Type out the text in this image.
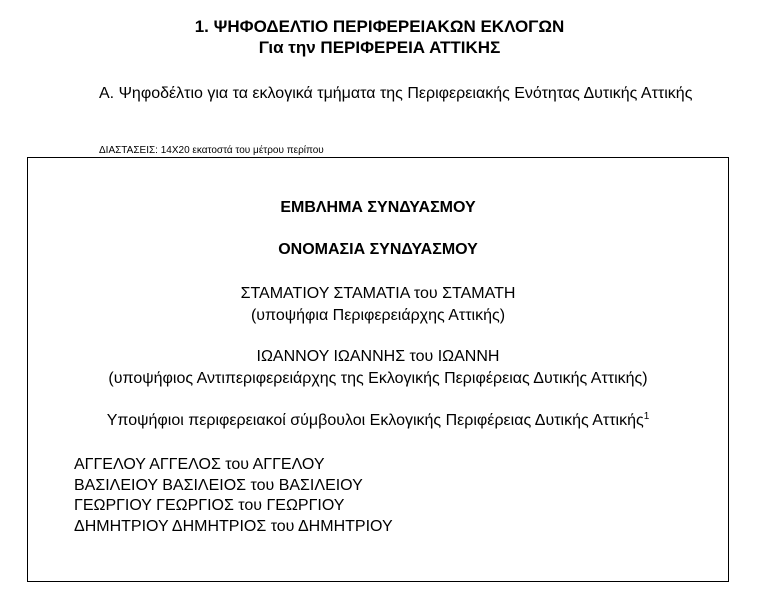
1. ΨΗΦΟΔΕΛΤΙΟ ΠΕΡΙΦΕΡΕΙΑΚΩΝ ΕΚΛΟΓΩΝ
Για την ΠΕΡΙΦΕΡΕΙΑ ΑΤΤΙΚΗΣ
Α. Ψηφοδέλτιο για τα εκλογικά τμήματα της Περιφερειακής Ενότητας Δυτικής Αττικής
ΔΙΑΣΤΑΣΕΙΣ: 14Χ20 εκατοστά του μέτρου περίπου
ΕΜΒΛΗΜΑ ΣΥΝΔΥΑΣΜΟΥ
ΟΝΟΜΑΣΙΑ ΣΥΝΔΥΑΣΜΟΥ
ΣΤΑΜΑΤΙΟΥ ΣΤΑΜΑΤΙΑ του ΣΤΑΜΑΤΗ
(υποψήφια Περιφερειάρχης Αττικής)
ΙΩΑΝΝΟΥ ΙΩΑΝΝΗΣ του ΙΩΑΝΝΗ
(υποψήφιος Αντιπεριφερειάρχης της Εκλογικής Περιφέρειας Δυτικής Αττικής)
Υποψήφιοι περιφερειακοί σύμβουλοι Εκλογικής Περιφέρειας Δυτικής Αττικής$^1$
ΑΓΓΕΛΟΥ ΑΓΓΕΛΟΣ του ΑΓΓΕΛΟΥ
ΒΑΣΙΛΕΙΟΥ ΒΑΣΙΛΕΙΟΣ του ΒΑΣΙΛΕΙΟΥ
ΓΕΩΡΓΙΟΥ ΓΕΩΡΓΙΟΣ του ΓΕΩΡΓΙΟΥ
ΔΗΜΗΤΡΙΟΥ ΔΗΜΗΤΡΙΟΣ του ΔΗΜΗΤΡΙΟΥ
